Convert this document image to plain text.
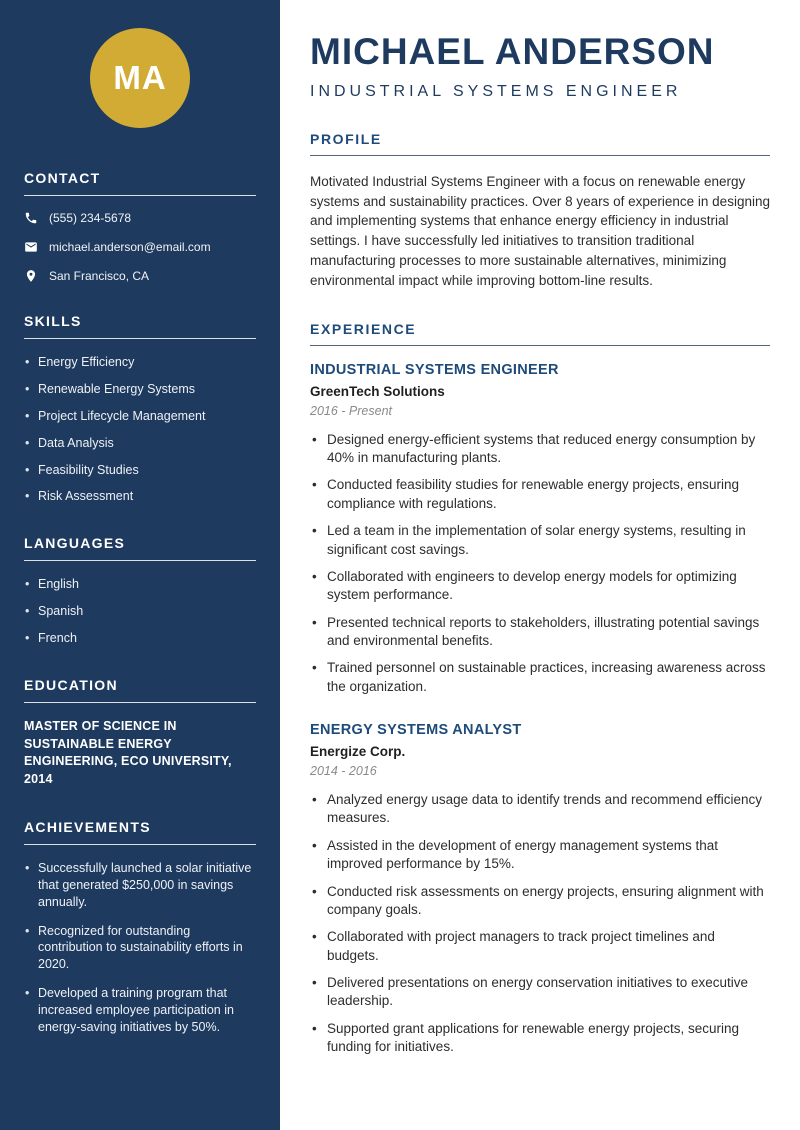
MA
CONTACT
(555) 234-5678
michael.anderson@email.com
San Francisco, CA
SKILLS
• Energy Efficiency
• Renewable Energy Systems
• Project Lifecycle Management
• Data Analysis
• Feasibility Studies
• Risk Assessment
LANGUAGES
• English
• Spanish
• French
EDUCATION

MASTER OF SCIENCE IN SUSTAINABLE ENERGY ENGINEERING, ECO UNIVERSITY, 2014

ACHIEVEMENTS
• Successfully launched a solar initiative that generated $250,000 in savings annually.
• Recognized for outstanding contribution to sustainability efforts in 2020.
• Developed a training program that increased employee participation in energy-saving initiatives by 50%.
MICHAEL ANDERSON
INDUSTRIAL SYSTEMS ENGINEER
PROFILE

Motivated Industrial Systems Engineer with a focus on renewable energy systems and sustainability practices. Over 8 years of experience in designing and implementing systems that enhance energy efficiency in industrial settings. I have successfully led initiatives to transition traditional manufacturing processes to more sustainable alternatives, minimizing environmental impact while improving bottom-line results.

EXPERIENCE
INDUSTRIAL SYSTEMS ENGINEER
GreenTech Solutions
2016 - Present
• Designed energy-efficient systems that reduced energy consumption by 40% in manufacturing plants.
• Conducted feasibility studies for renewable energy projects, ensuring compliance with regulations.
• Led a team in the implementation of solar energy systems, resulting in significant cost savings.
• Collaborated with engineers to develop energy models for optimizing system performance.
• Presented technical reports to stakeholders, illustrating potential savings and environmental benefits.
• Trained personnel on sustainable practices, increasing awareness across the organization.
ENERGY SYSTEMS ANALYST
Energize Corp.
2014 - 2016
• Analyzed energy usage data to identify trends and recommend efficiency measures.
• Assisted in the development of energy management systems that improved performance by 15%.
• Conducted risk assessments on energy projects, ensuring alignment with company goals.
• Collaborated with project managers to track project timelines and budgets.
• Delivered presentations on energy conservation initiatives to executive leadership.
• Supported grant applications for renewable energy projects, securing funding for initiatives.
